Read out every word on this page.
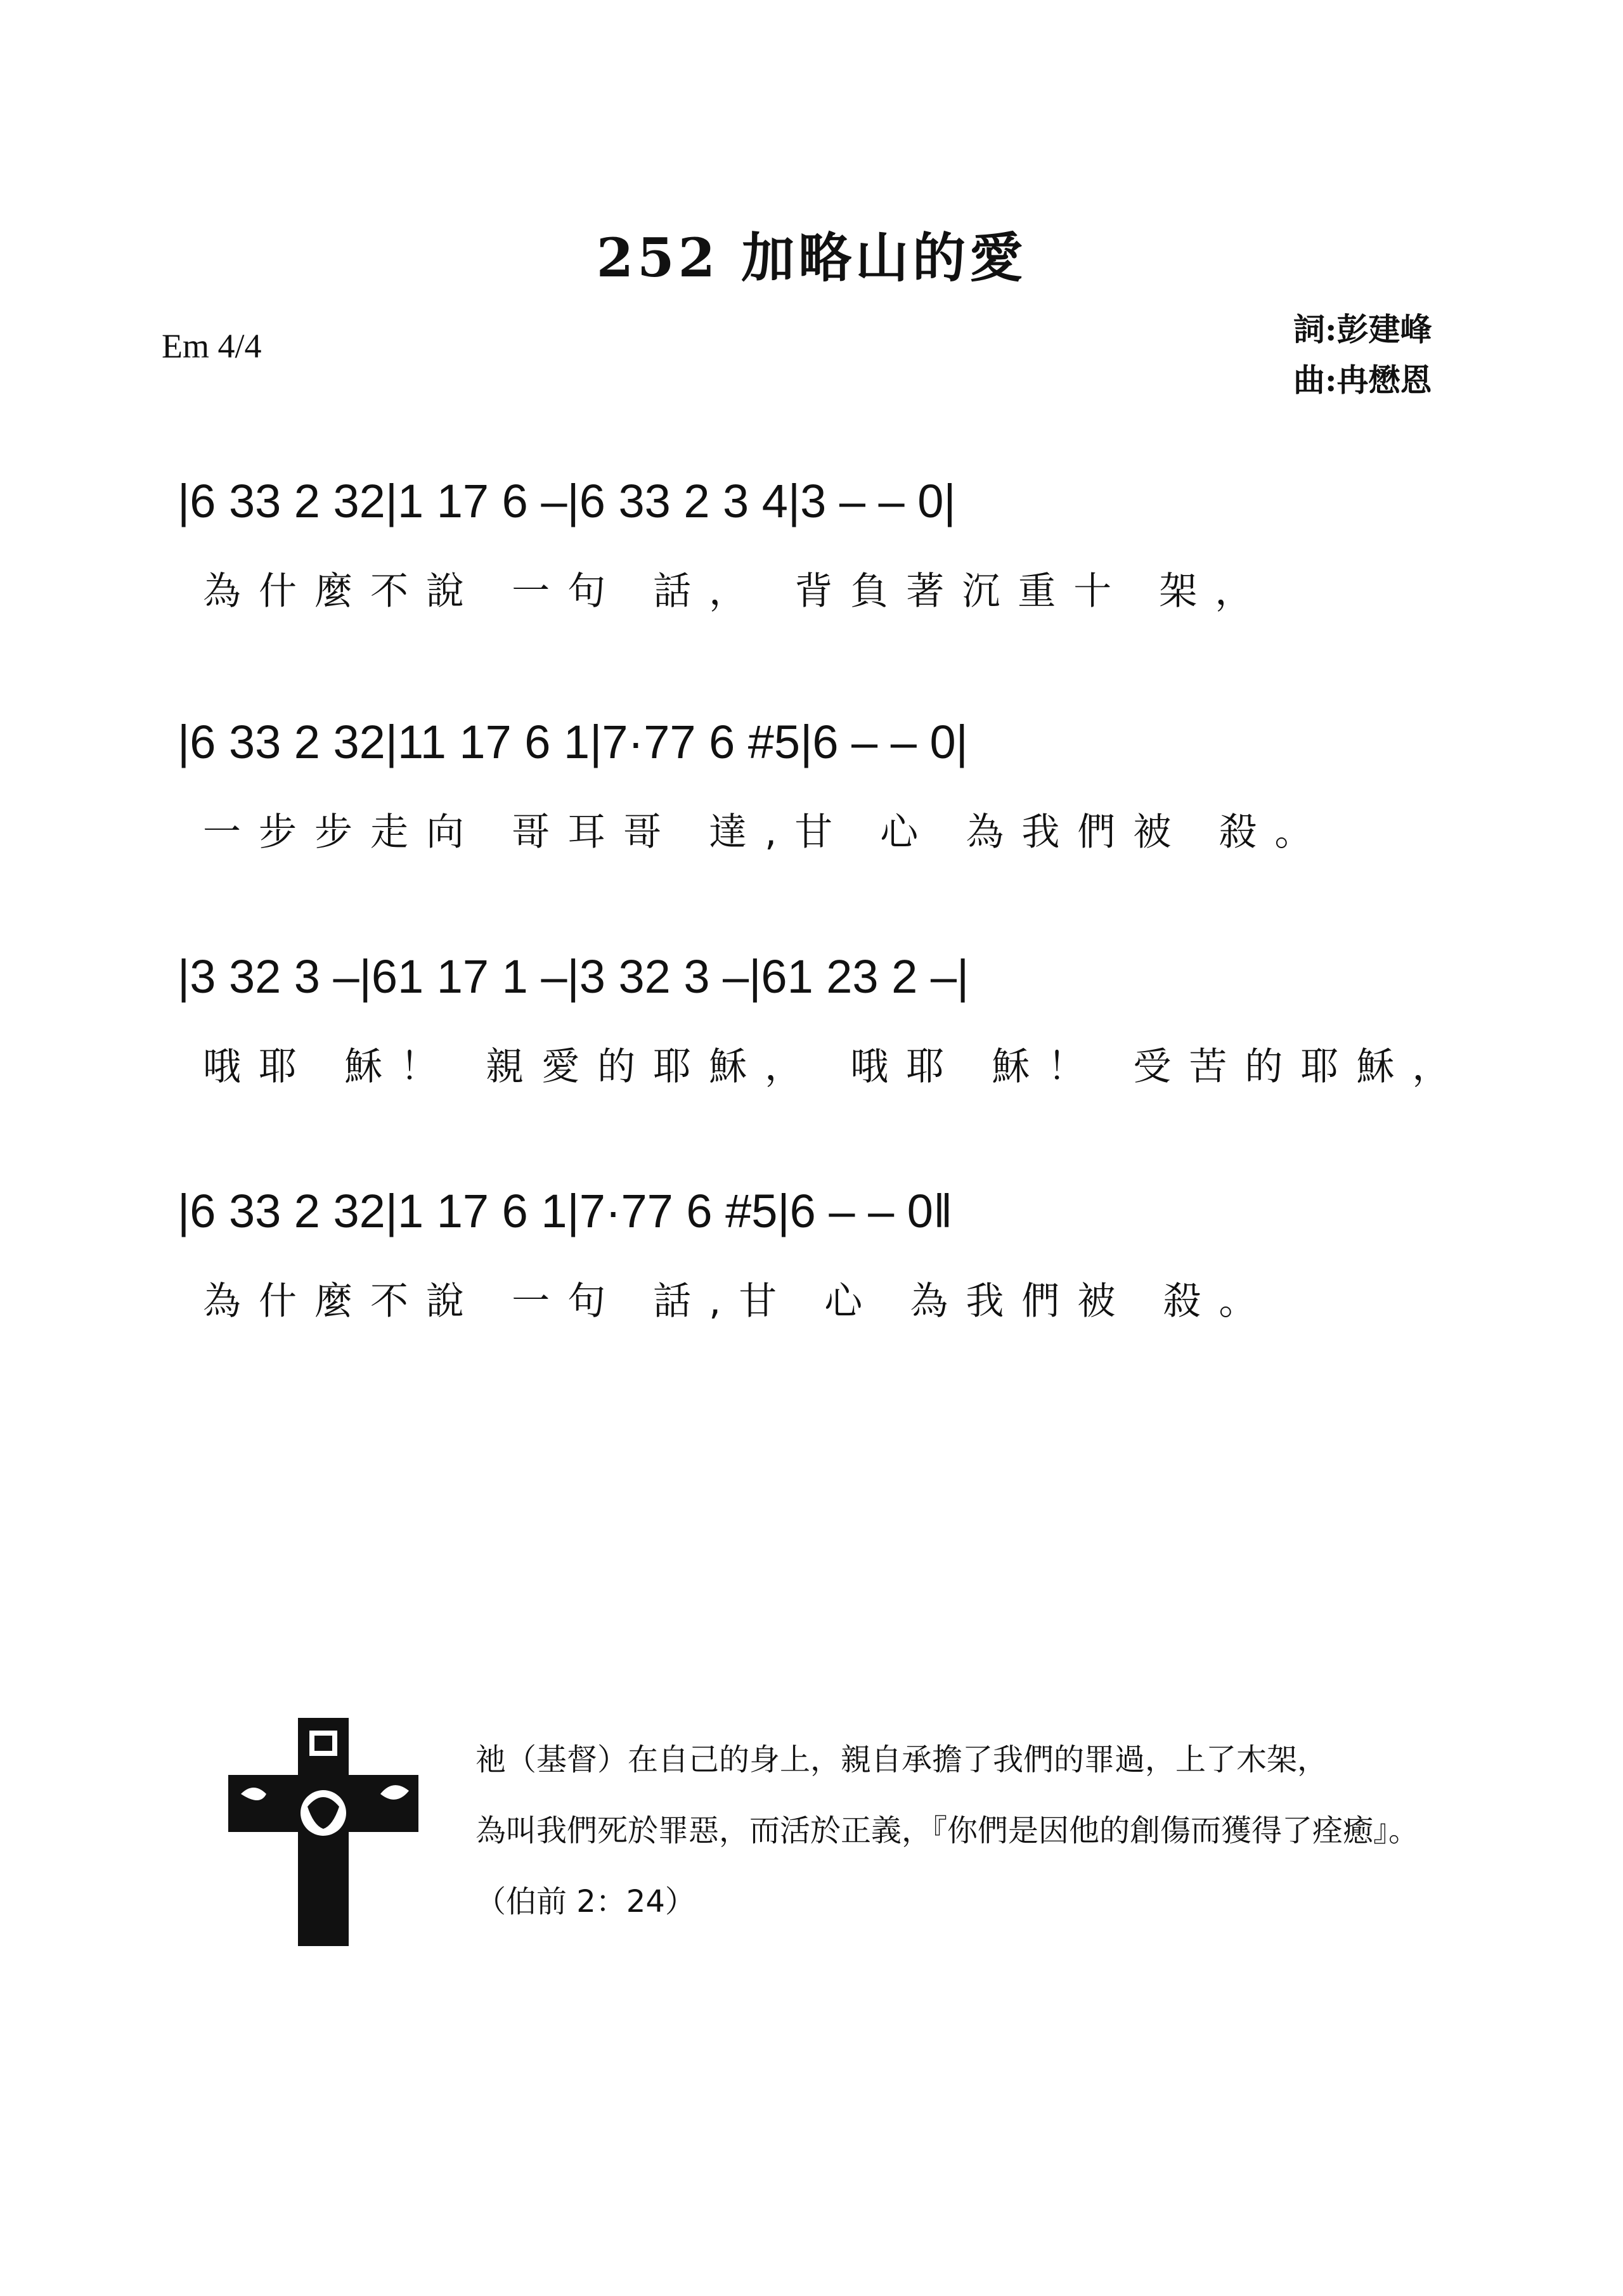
252 加略山的愛
Em 4/4	詞:彭建峰
曲:冉懋恩
|6 33 2 32|1 17 6 –|6 33 2 3 4|3 – – 0|
為什麼不說 一句 話， 背負著沉重十 架，
|6 33 2 32|11 17 6 1|7·77 6 #5|6 – – 0|
一步步走向 哥耳哥 達,甘 心 為我們被 殺。
|3 32 3 –|61 17 1 –|3 32 3 –|61 23 2 –|
哦耶 穌！ 親愛的耶穌， 哦耶 穌！ 受苦的耶穌，
|6 33 2 32|1 17 6 1|7·77 6 #5|6 – – 0‖
為什麼不說 一句 話,甘 心 為我們被 殺。
祂（基督）在自己的身上，親自承擔了我們的罪過，上了木架，
為叫我們死於罪惡，而活於正義，『你們是因他的創傷而獲得了痊癒』。
（伯前 2：24）
